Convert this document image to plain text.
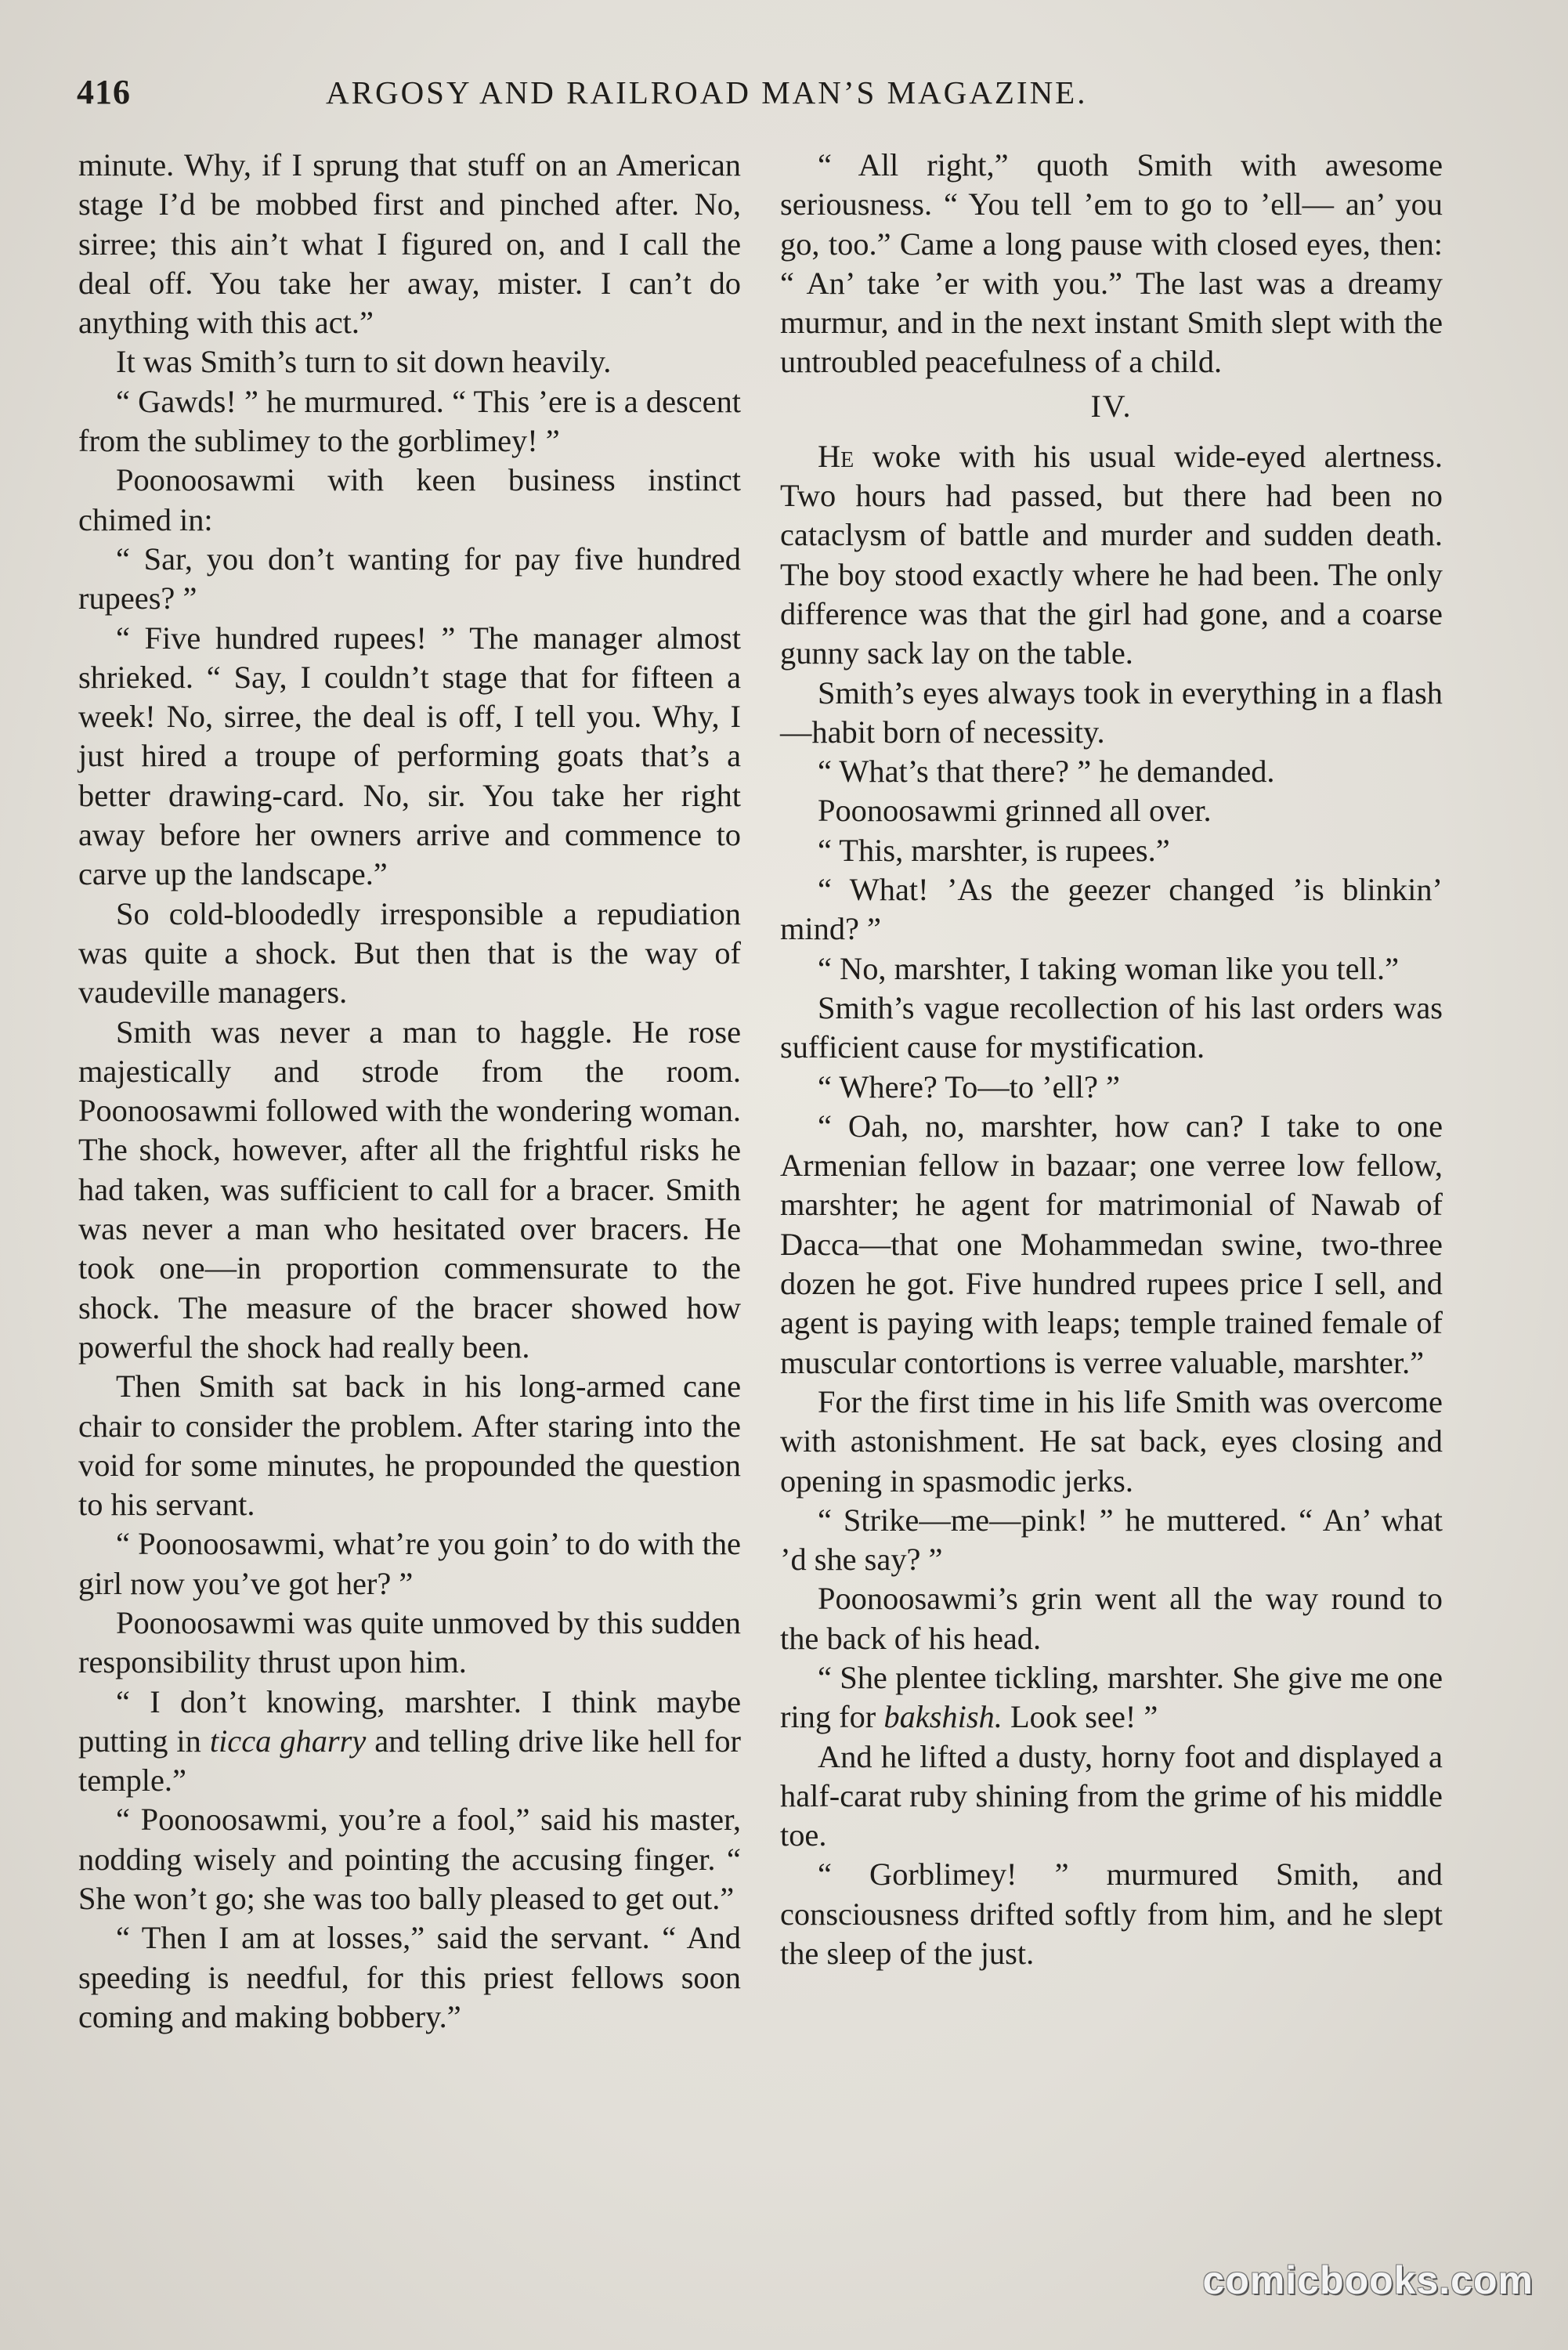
416	ARGOSY AND RAILROAD MAN’S MAGAZINE.

minute. Why, if I sprung that stuff on an American stage I’d be mobbed first and pinched after. No, sirree; this ain’t what I figured on, and I call the deal off. You take her away, mister. I can’t do anything with this act.”

It was Smith’s turn to sit down heavily.

“ Gawds! ” he murmured. “ This ’ere is a descent from the sublimey to the gorblimey! ”

Poonoosawmi with keen business instinct chimed in:

“ Sar, you don’t wanting for pay five hundred rupees? ”

“ Five hundred rupees! ” The manager almost shrieked. “ Say, I couldn’t stage that for fifteen a week! No, sirree, the deal is off, I tell you. Why, I just hired a troupe of performing goats that’s a better drawing-card. No, sir. You take her right away before her owners arrive and commence to carve up the landscape.”

So cold-bloodedly irresponsible a repudiation was quite a shock. But then that is the way of vaudeville managers.

Smith was never a man to haggle. He rose majestically and strode from the room. Poonoosawmi followed with the wondering woman. The shock, however, after all the frightful risks he had taken, was sufficient to call for a bracer. Smith was never a man who hesitated over bracers. He took one—in proportion commensurate to the shock. The measure of the bracer showed how powerful the shock had really been.

Then Smith sat back in his long-armed cane chair to consider the problem. After staring into the void for some minutes, he propounded the question to his servant.

“ Poonoosawmi, what’re you goin’ to do with the girl now you’ve got her? ”

Poonoosawmi was quite unmoved by this sudden responsibility thrust upon him.

“ I don’t knowing, marshter. I think maybe putting in ticca gharry and telling drive like hell for temple.”

“ Poonoosawmi, you’re a fool,” said his master, nodding wisely and pointing the accusing finger. “ She won’t go; she was too bally pleased to get out.”

“ Then I am at losses,” said the servant. “ And speeding is needful, for this priest fellows soon coming and making bobbery.”

“ All right,” quoth Smith with awesome seriousness. “ You tell ’em to go to ’ell— an’ you go, too.” Came a long pause with closed eyes, then: “ An’ take ’er with you.” The last was a dreamy murmur, and in the next instant Smith slept with the untroubled peacefulness of a child.

IV.

He woke with his usual wide-eyed alertness. Two hours had passed, but there had been no cataclysm of battle and murder and sudden death. The boy stood exactly where he had been. The only difference was that the girl had gone, and a coarse gunny sack lay on the table.

Smith’s eyes always took in everything in a flash—habit born of necessity.

“ What’s that there? ” he demanded.

Poonoosawmi grinned all over.

“ This, marshter, is rupees.”

“ What! ’As the geezer changed ’is blinkin’ mind? ”

“ No, marshter, I taking woman like you tell.”

Smith’s vague recollection of his last orders was sufficient cause for mystification.

“ Where? To—to ’ell? ”

“ Oah, no, marshter, how can? I take to one Armenian fellow in bazaar; one verree low fellow, marshter; he agent for matrimonial of Nawab of Dacca—that one Mohammedan swine, two-three dozen he got. Five hundred rupees price I sell, and agent is paying with leaps; temple trained female of muscular contortions is verree valuable, marshter.”

For the first time in his life Smith was overcome with astonishment. He sat back, eyes closing and opening in spasmodic jerks.

“ Strike—me—pink! ” he muttered. “ An’ what ’d she say? ”

Poonoosawmi’s grin went all the way round to the back of his head.

“ She plentee tickling, marshter. She give me one ring for bakshish. Look see! ”

And he lifted a dusty, horny foot and displayed a half-carat ruby shining from the grime of his middle toe.

“ Gorblimey! ” murmured Smith, and consciousness drifted softly from him, and he slept the sleep of the just.

comicbooks.com
